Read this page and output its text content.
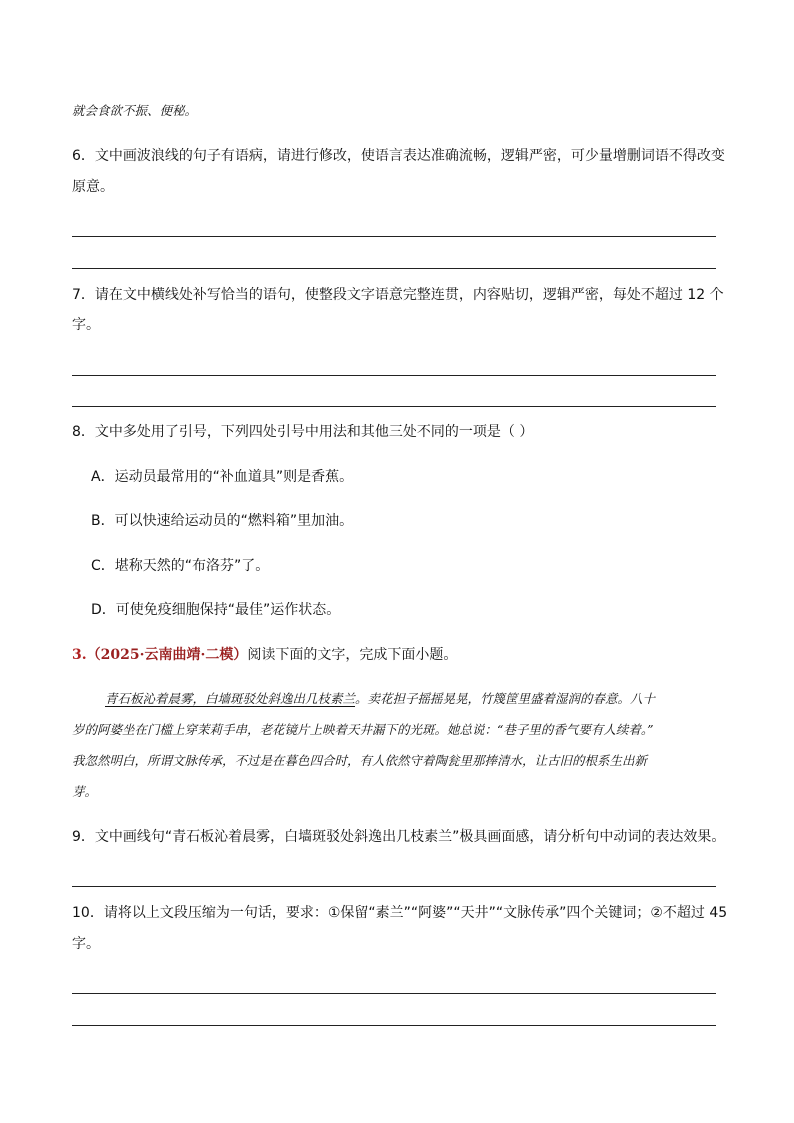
就会食欲不振、便秘。
6．文中画波浪线的句子有语病，请进行修改，使语言表达准确流畅，逻辑严密，可少量增删词语不得改变
原意。
7．请在文中横线处补写恰当的语句，使整段文字语意完整连贯，内容贴切，逻辑严密，每处不超过 12 个
字。
8．文中多处用了引号，下列四处引号中用法和其他三处不同的一项是（ ）
A．运动员最常用的“补血道具”则是香蕉。
B．可以快速给运动员的“燃料箱”里加油。
C．堪称天然的“布洛芬”了。
D．可使免疫细胞保持“最佳”运作状态。
3.（2025·云南曲靖·二模）阅读下面的文字，完成下面小题。
青石板沁着晨雾，白墙斑驳处斜逸出几枝素兰。卖花担子摇摇晃晃，竹篾筐里盛着湿润的春意。八十
岁的阿婆坐在门槛上穿茉莉手串，老花镜片上映着天井漏下的光斑。她总说：“巷子里的香气要有人续着。”
我忽然明白，所谓文脉传承，不过是在暮色四合时，有人依然守着陶瓮里那捧清水，让古旧的根系生出新
芽。
9．文中画线句“青石板沁着晨雾，白墙斑驳处斜逸出几枝素兰”极具画面感，请分析句中动词的表达效果。
10．请将以上文段压缩为一句话，要求：①保留“素兰”“阿婆”“天井”“文脉传承”四个关键词；②不超过 45
字。
